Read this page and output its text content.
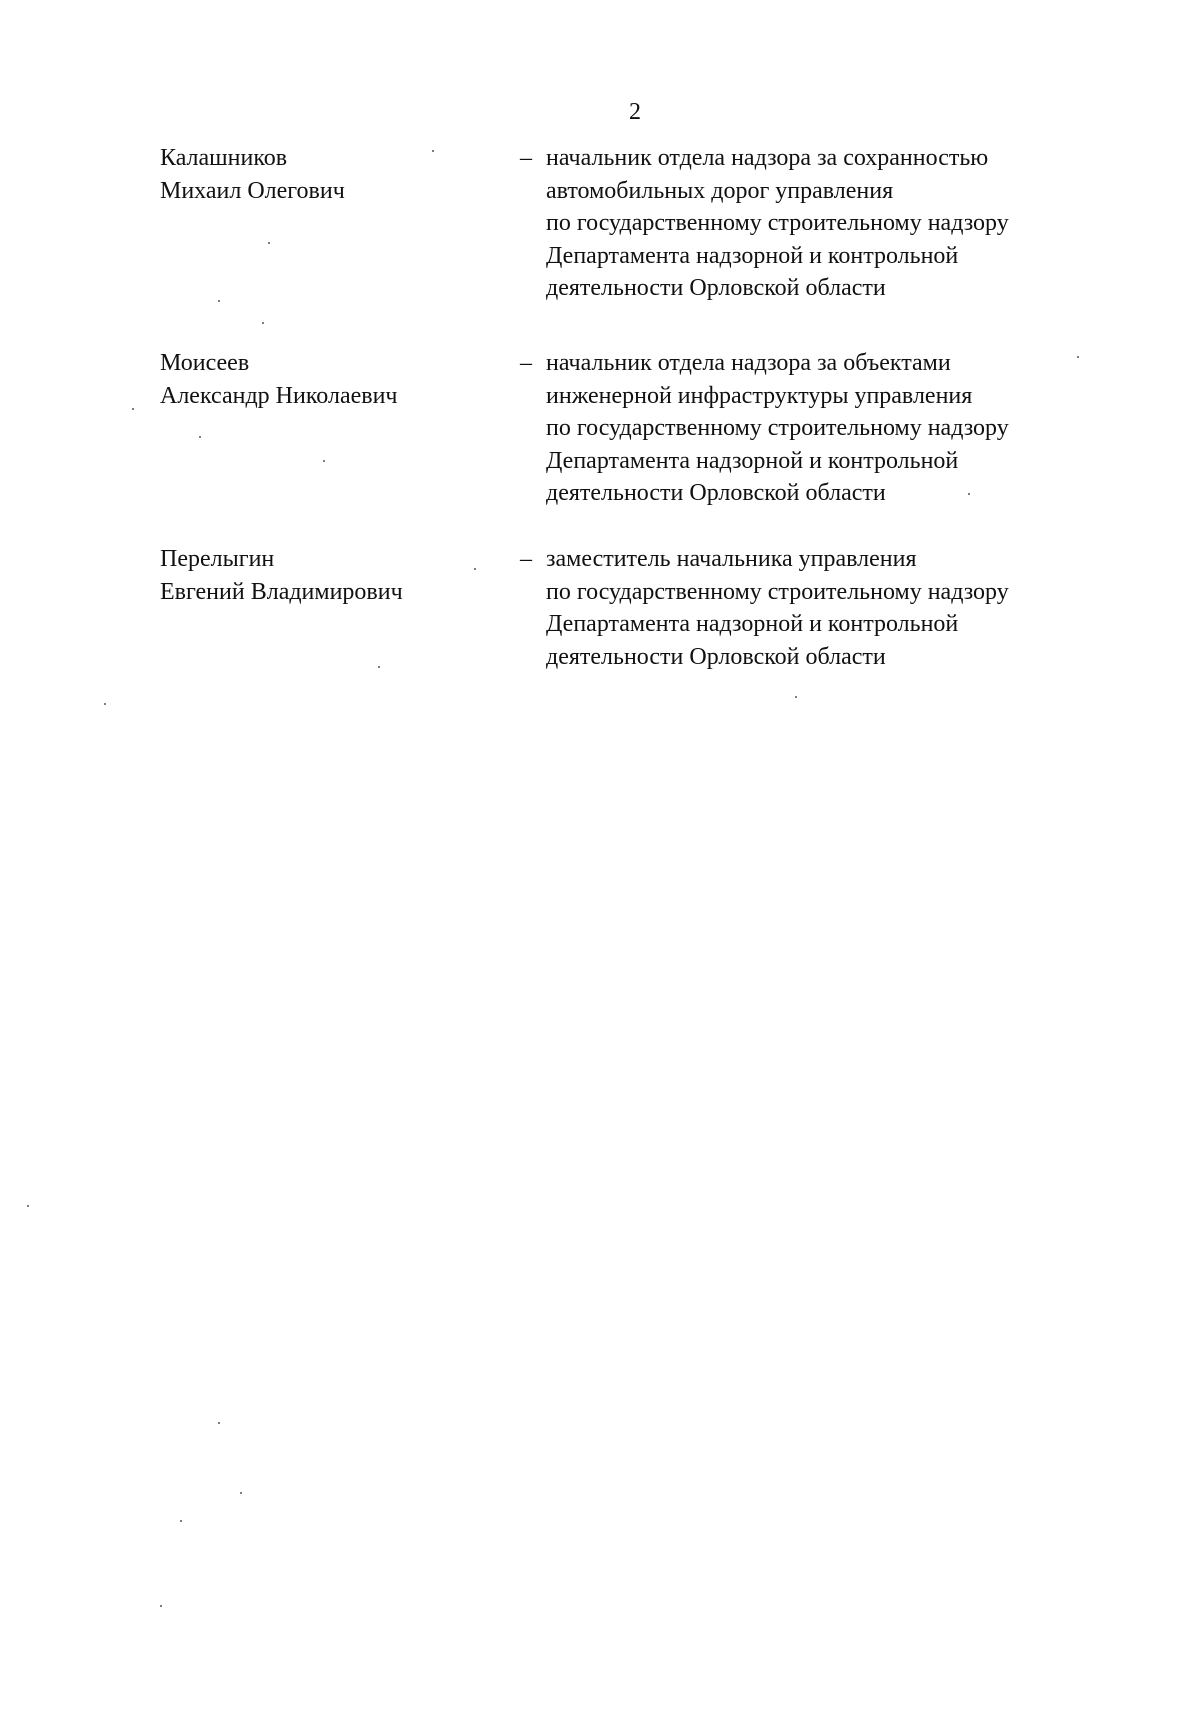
2
Калашников
Михаил Олегович
– начальник отдела надзора за сохранностью
автомобильных дорог управления
по государственному строительному надзору
Департамента надзорной и контрольной
деятельности Орловской области
Моисеев
Александр Николаевич
– начальник отдела надзора за объектами
инженерной инфраструктуры управления
по государственному строительному надзору
Департамента надзорной и контрольной
деятельности Орловской области
Перелыгин
Евгений Владимирович
– заместитель начальника управления
по государственному строительному надзору
Департамента надзорной и контрольной
деятельности Орловской области
